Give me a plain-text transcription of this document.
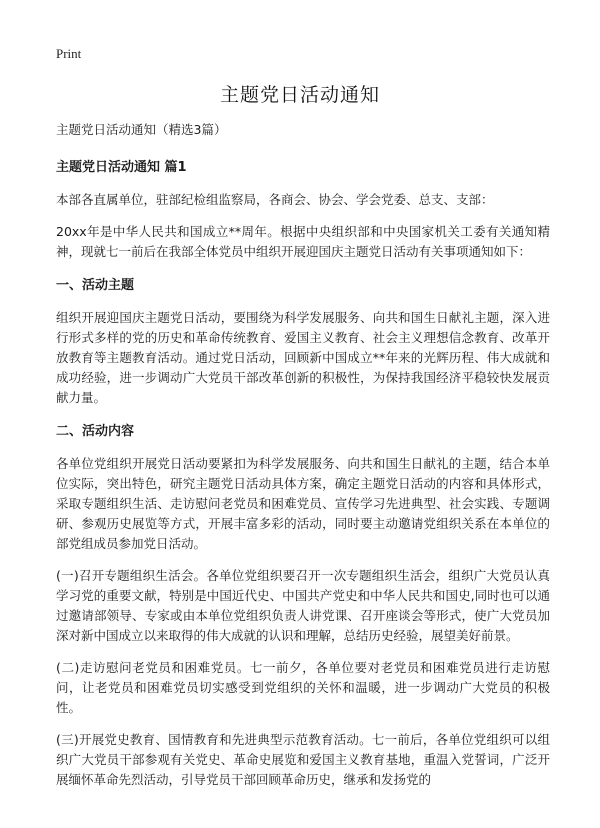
Print
主题党日活动通知
主题党日活动通知（精选3篇）
主题党日活动通知 篇1
本部各直属单位，驻部纪检组监察局，各商会、协会、学会党委、总支、支部：
20xx年是中华人民共和国成立**周年。根据中央组织部和中央国家机关工委有关通知精神，现就七一前后在我部全体党员中组织开展迎国庆主题党日活动有关事项通知如下：
一、活动主题
组织开展迎国庆主题党日活动，要围绕为科学发展服务、向共和国生日献礼主题，深入进行形式多样的党的历史和革命传统教育、爱国主义教育、社会主义理想信念教育、改革开放教育等主题教育活动。通过党日活动，回顾新中国成立**年来的光辉历程、伟大成就和成功经验，进一步调动广大党员干部改革创新的积极性，为保持我国经济平稳较快发展贡献力量。
二、活动内容
各单位党组织开展党日活动要紧扣为科学发展服务、向共和国生日献礼的主题，结合本单位实际，突出特色，研究主题党日活动具体方案，确定主题党日活动的内容和具体形式，采取专题组织生活、走访慰问老党员和困难党员、宣传学习先进典型、社会实践、专题调研、参观历史展览等方式，开展丰富多彩的活动，同时要主动邀请党组织关系在本单位的部党组成员参加党日活动。
(一)召开专题组织生活会。各单位党组织要召开一次专题组织生活会，组织广大党员认真学习党的重要文献，特别是中国近代史、中国共产党史和中华人民共和国史,同时也可以通过邀请部领导、专家或由本单位党组织负责人讲党课、召开座谈会等形式，使广大党员加深对新中国成立以来取得的伟大成就的认识和理解，总结历史经验，展望美好前景。
(二)走访慰问老党员和困难党员。七一前夕，各单位要对老党员和困难党员进行走访慰问，让老党员和困难党员切实感受到党组织的关怀和温暖，进一步调动广大党员的积极性。
(三)开展党史教育、国情教育和先进典型示范教育活动。七一前后，各单位党组织可以组织广大党员干部参观有关党史、革命史展览和爱国主义教育基地，重温入党誓词，广泛开展缅怀革命先烈活动，引导党员干部回顾革命历史，继承和发扬党的
